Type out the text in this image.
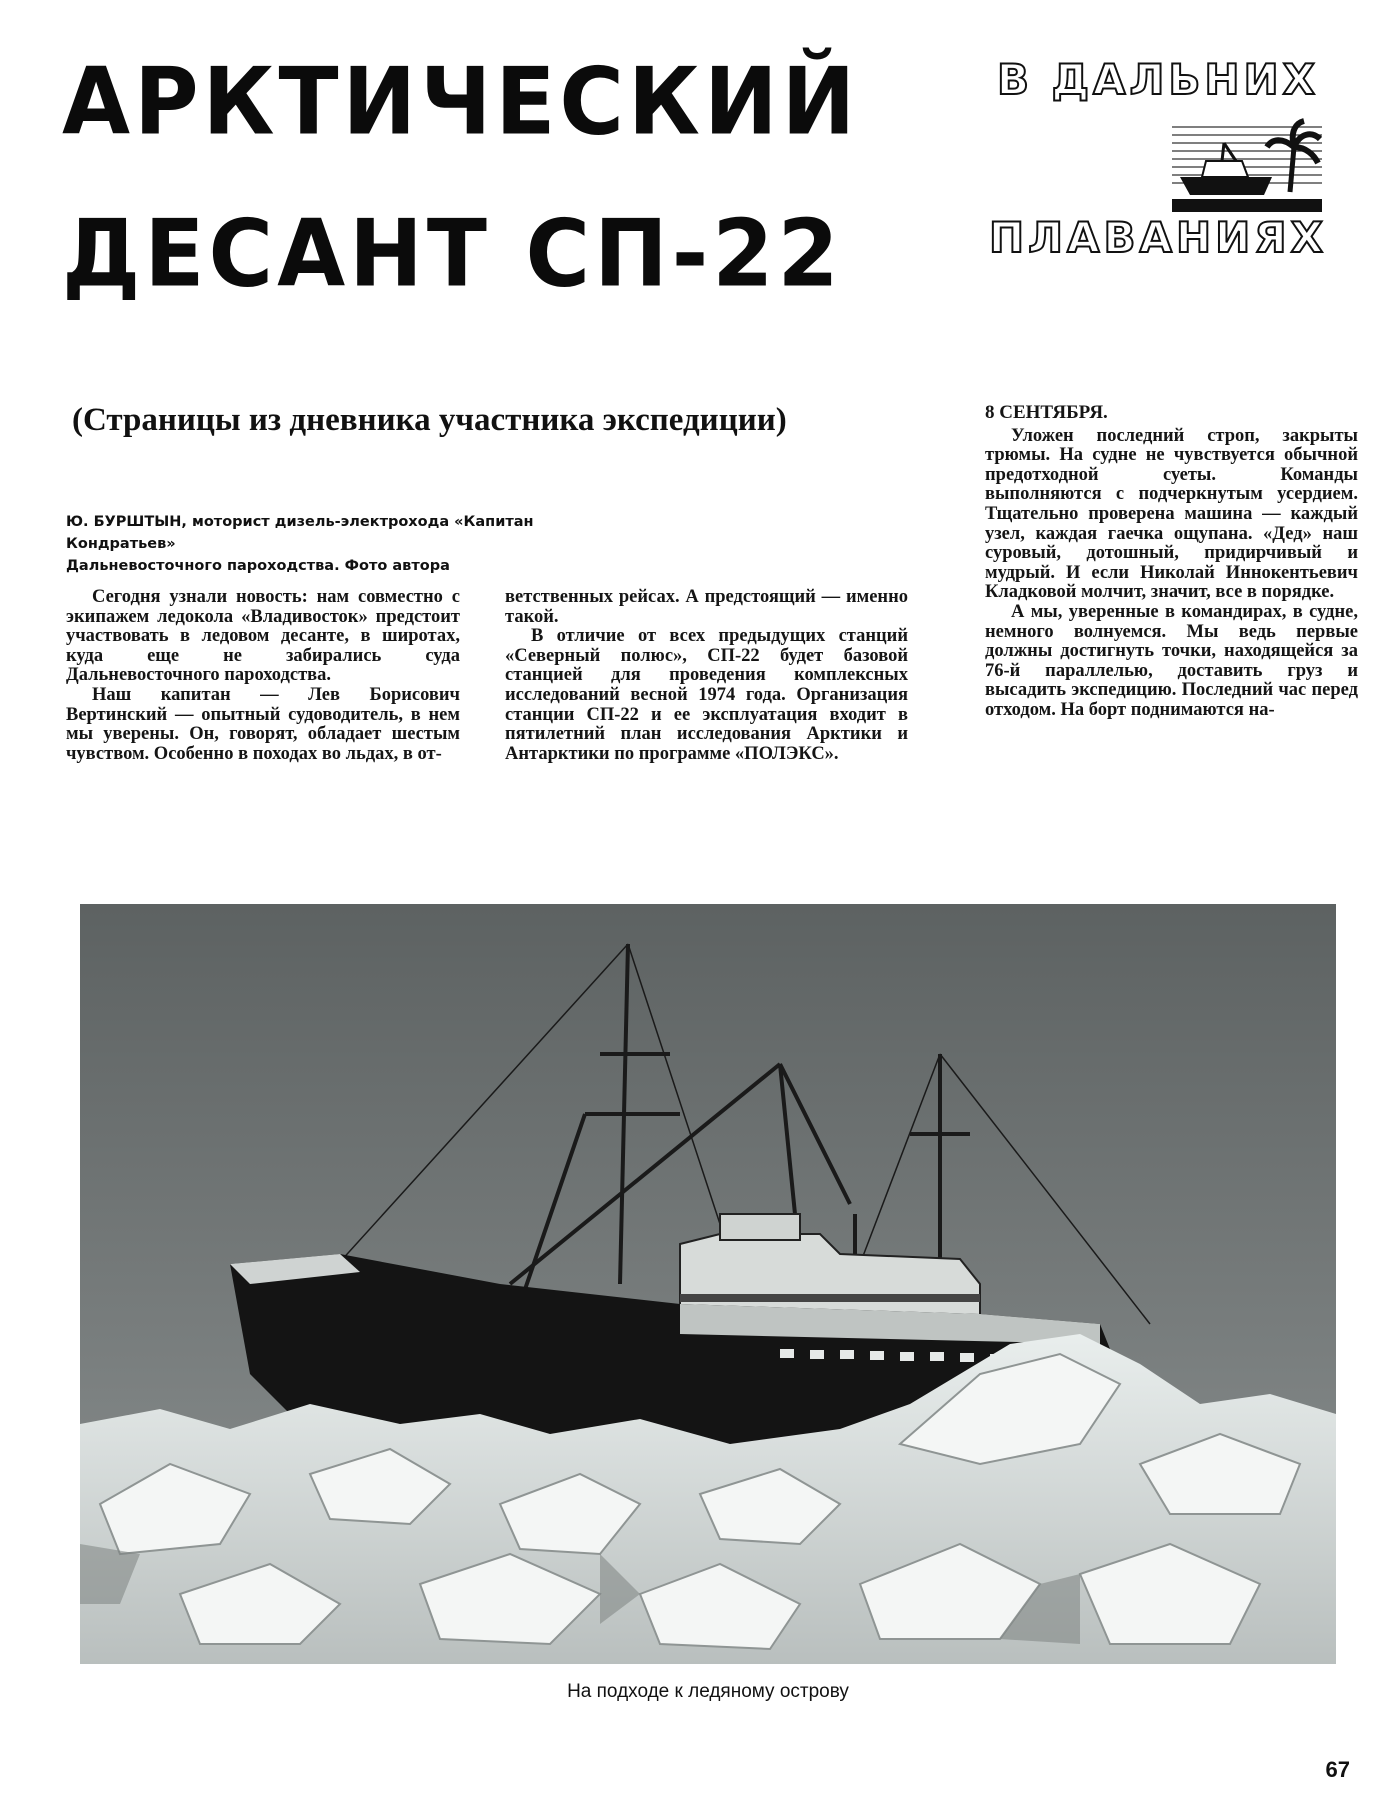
АРКТИЧЕСКИЙ
ДЕСАНТ СП-22
В ДАЛЬНИХ
ПЛАВАНИЯХ
(Страницы из дневника участника экспедиции)
Ю. БУРШТЫН, моторист дизель-электрохода «Капитан Кондратьев»
Дальневосточного пароходства. Фото автора

Сегодня узнали новость: нам совместно с экипажем ледокола «Владивосток» предстоит участвовать в ледовом десанте, в широтах, куда еще не забирались суда Дальневосточного пароходства.

Наш капитан — Лев Борисович Вертинский — опытный судоводитель, в нем мы уверены. Он, говорят, обладает шестым чувством. Особенно в походах во льдах, в от-

ветственных рейсах. А предстоящий — именно такой.

В отличие от всех предыдущих станций «Северный полюс», СП-22 будет базовой станцией для проведения комплексных исследований весной 1974 года. Организация станции СП-22 и ее эксплуатация входит в пятилетний план исследования Арктики и Антарктики по программе «ПОЛЭКС».

8 СЕНТЯБРЯ.

Уложен последний строп, закрыты трюмы. На судне не чувствуется обычной предотходной суеты. Команды выполняются с подчеркнутым усердием. Тщательно проверена машина — каждый узел, каждая гаечка ощупана. «Дед» наш суровый, дотошный, придирчивый и мудрый. И если Николай Иннокентьевич Кладковой молчит, значит, все в порядке.

А мы, уверенные в командирах, в судне, немного волнуемся. Мы ведь первые должны достигнуть точки, находящейся за 76-й параллелью, доставить груз и высадить экспедицию. Последний час перед отходом. На борт поднимаются на-

На подходе к ледяному острову
67
